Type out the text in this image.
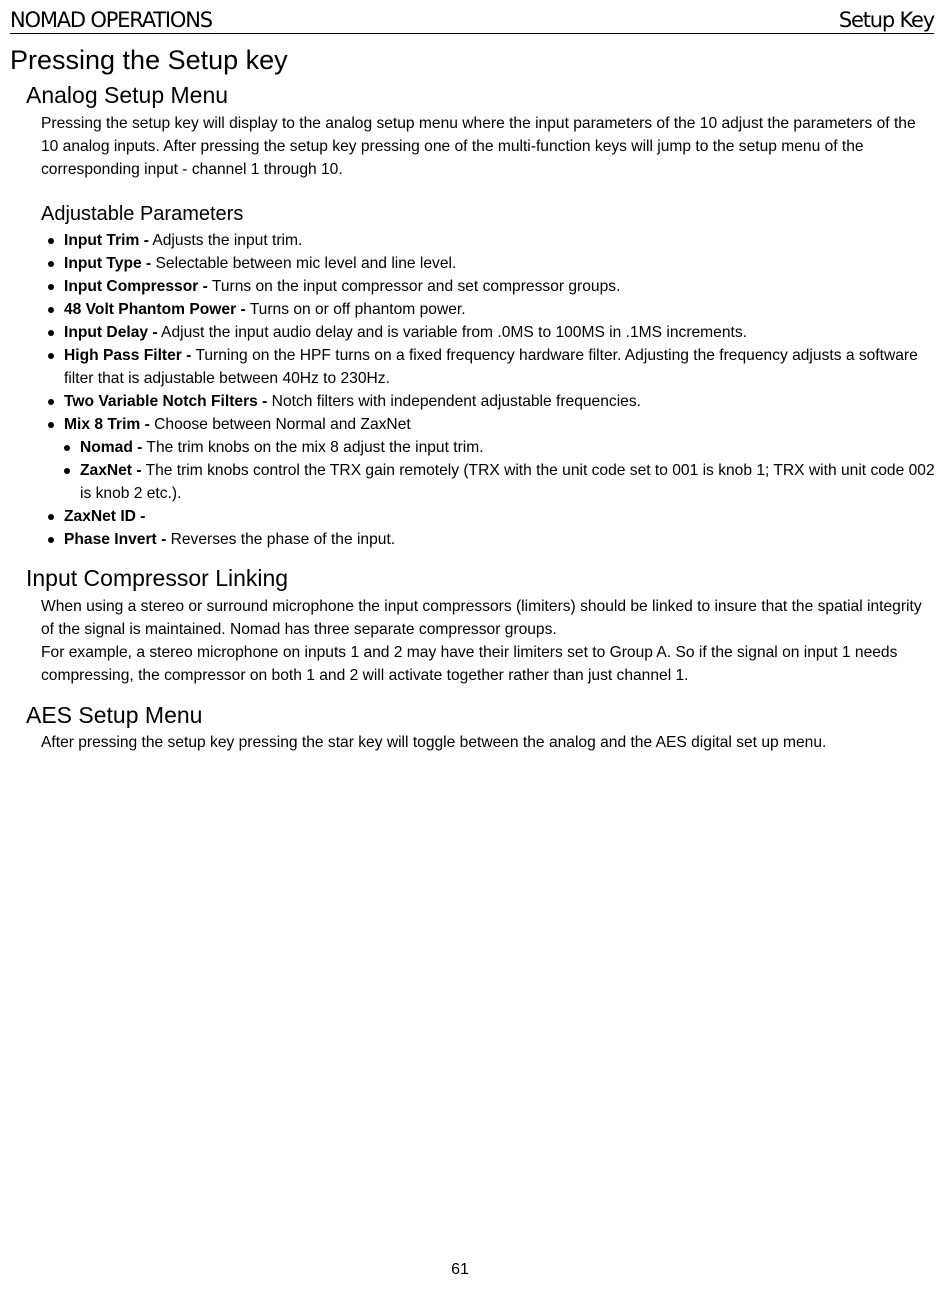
NOMAD OPERATIONS	Setup Key
Pressing the Setup key
Analog Setup Menu

Pressing the setup key will display to the analog setup menu where the input parameters of the 10 adjust the parameters of the 10 analog inputs. After pressing the setup key pressing one of the multi-function keys will jump to the setup menu of the corresponding input - channel 1 through 10.

Adjustable Parameters
Input Trim - Adjusts the input trim.
Input Type - Selectable between mic level and line level.
Input Compressor - Turns on the input compressor and set compressor groups.
48 Volt Phantom Power - Turns on or off phantom power.
Input Delay - Adjust the input audio delay and is variable from .0MS to 100MS in .1MS increments.
High Pass Filter - Turning on the HPF turns on a fixed frequency hardware filter. Adjusting the frequency adjusts a software filter that is adjustable between 40Hz to 230Hz.
Two Variable Notch Filters - Notch filters with independent adjustable frequencies.
Mix 8 Trim - Choose between Normal and ZaxNet
Nomad - The trim knobs on the mix 8 adjust the input trim.
ZaxNet - The trim knobs control the TRX gain remotely (TRX with the unit code set to 001 is knob 1; TRX with unit code 002 is knob 2 etc.).
ZaxNet ID -
Phase Invert - Reverses the phase of the input.
Input Compressor Linking

When using a stereo or surround microphone the input compressors (limiters) should be linked to insure that the spatial integrity of the signal is maintained. Nomad has three separate compressor groups.

For example, a stereo microphone on inputs 1 and 2 may have their limiters set to Group A. So if the signal on input 1 needs compressing, the compressor on both 1 and 2 will activate together rather than just channel 1.

AES Setup Menu

After pressing the setup key pressing the star key will toggle between the analog and the AES digital set up menu.

61
